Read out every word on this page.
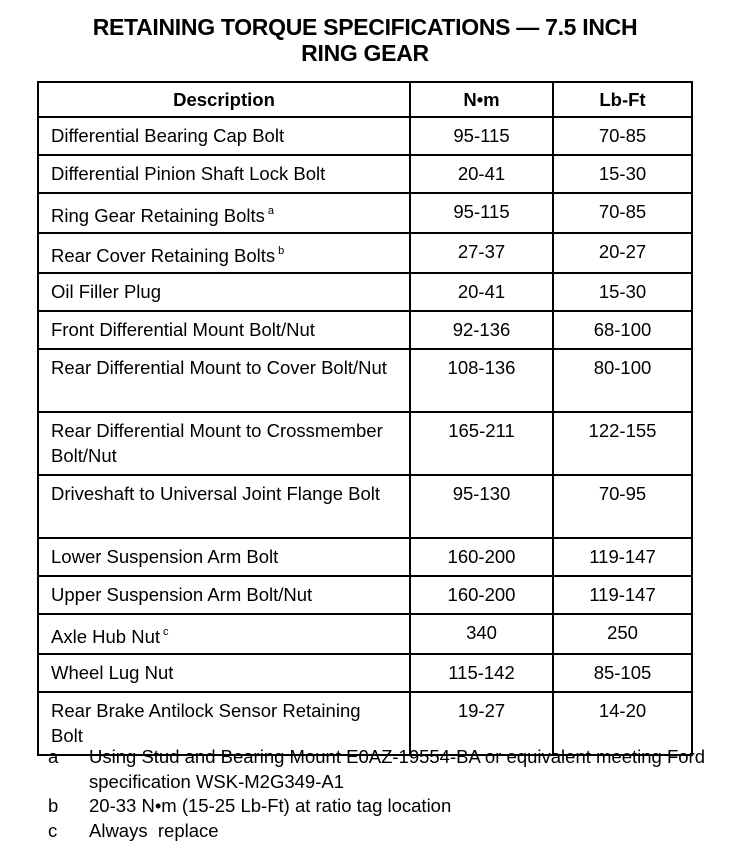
RETAINING TORQUE SPECIFICATIONS — 7.5 INCH
RING GEAR
Description	N•m	Lb-Ft
Differential Bearing Cap Bolt	95-115	70-85
Differential Pinion Shaft Lock Bolt	20-41	15-30
Ring Gear Retaining Bolts $^a$	95-115	70-85
Rear Cover Retaining Bolts $^b$	27-37	20-27
Oil Filler Plug	20-41	15-30
Front Differential Mount Bolt/Nut	92-136	68-100
Rear Differential Mount to Cover Bolt/Nut	108-136	80-100
Rear Differential Mount to Crossmember  Bolt/Nut	165-211	122-155
Driveshaft to Universal Joint Flange Bolt	95-130	70-95
Lower Suspension Arm Bolt	160-200	119-147
Upper Suspension Arm Bolt/Nut	160-200	119-147
Axle Hub Nut $^c$	340	250
Wheel Lug Nut	115-142	85-105
Rear Brake Antilock Sensor Retaining Bolt	19-27	14-20
a	Using Stud and Bearing Mount E0AZ-19554-BA or equivalent meeting Ford specification WSK-M2G349-A1
b	20-33 N•m (15-25 Lb-Ft) at ratio tag location
c	Always  replace
